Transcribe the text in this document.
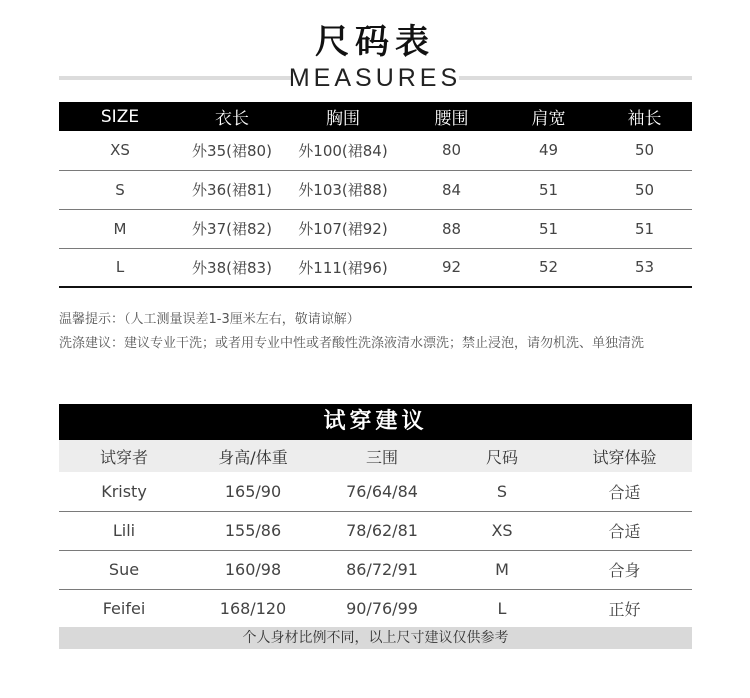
尺码表
MEASURES
SIZE	衣长	胸围	腰围	肩宽	袖长
XS	外35(裙80)	外100(裙84)	80	49	50
S	外36(裙81)	外103(裙88)	84	51	50
M	外37(裙82)	外107(裙92)	88	51	51
L	外38(裙83)	外111(裙96)	92	52	53
温馨提示：（人工测量误差1-3厘米左右，敬请谅解）
洗涤建议：建议专业干洗；或者用专业中性或者酸性洗涤液清水漂洗；禁止浸泡，请勿机洗、单独清洗
试穿建议
试穿者	身高/体重	三围	尺码	试穿体验
Kristy	165/90	76/64/84	S	合适
Lili	155/86	78/62/81	XS	合适
Sue	160/98	86/72/91	M	合身
Feifei	168/120	90/76/99	L	正好
个人身材比例不同，以上尺寸建议仅供参考
